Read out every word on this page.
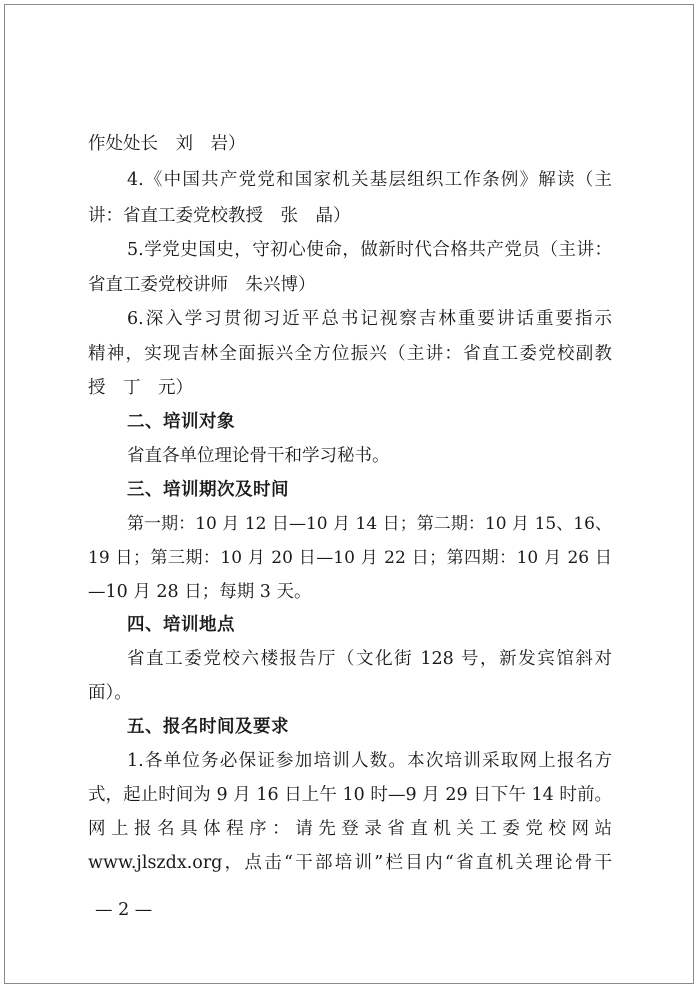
作处处长　刘　岩）
4.《中国共产党党和国家机关基层组织工作条例》解读（主
讲：省直工委党校教授　张　晶）
5.学党史国史，守初心使命，做新时代合格共产党员（主讲：
省直工委党校讲师　朱兴博）
6.深入学习贯彻习近平总书记视察吉林重要讲话重要指示
精神，实现吉林全面振兴全方位振兴（主讲：省直工委党校副教
授　丁　元）
二、培训对象
省直各单位理论骨干和学习秘书。
三、培训期次及时间
第一期：10 月 12 日—10 月 14 日；第二期：10 月 15、16、
19 日；第三期：10 月 20 日—10 月 22 日；第四期：10 月 26 日
—10 月 28 日；每期 3 天。
四、培训地点
省直工委党校六楼报告厅（文化街 128 号，新发宾馆斜对
面）。
五、报名时间及要求
1.各单位务必保证参加培训人数。本次培训采取网上报名方
式，起止时间为 9 月 16 日上午 10 时—9 月 29 日下午 14 时前。
网上报名具体程序：请先登录省直机关工委党校网站
www.jlszdx.org，点击“干部培训”栏目内“省直机关理论骨干
— 2 —
